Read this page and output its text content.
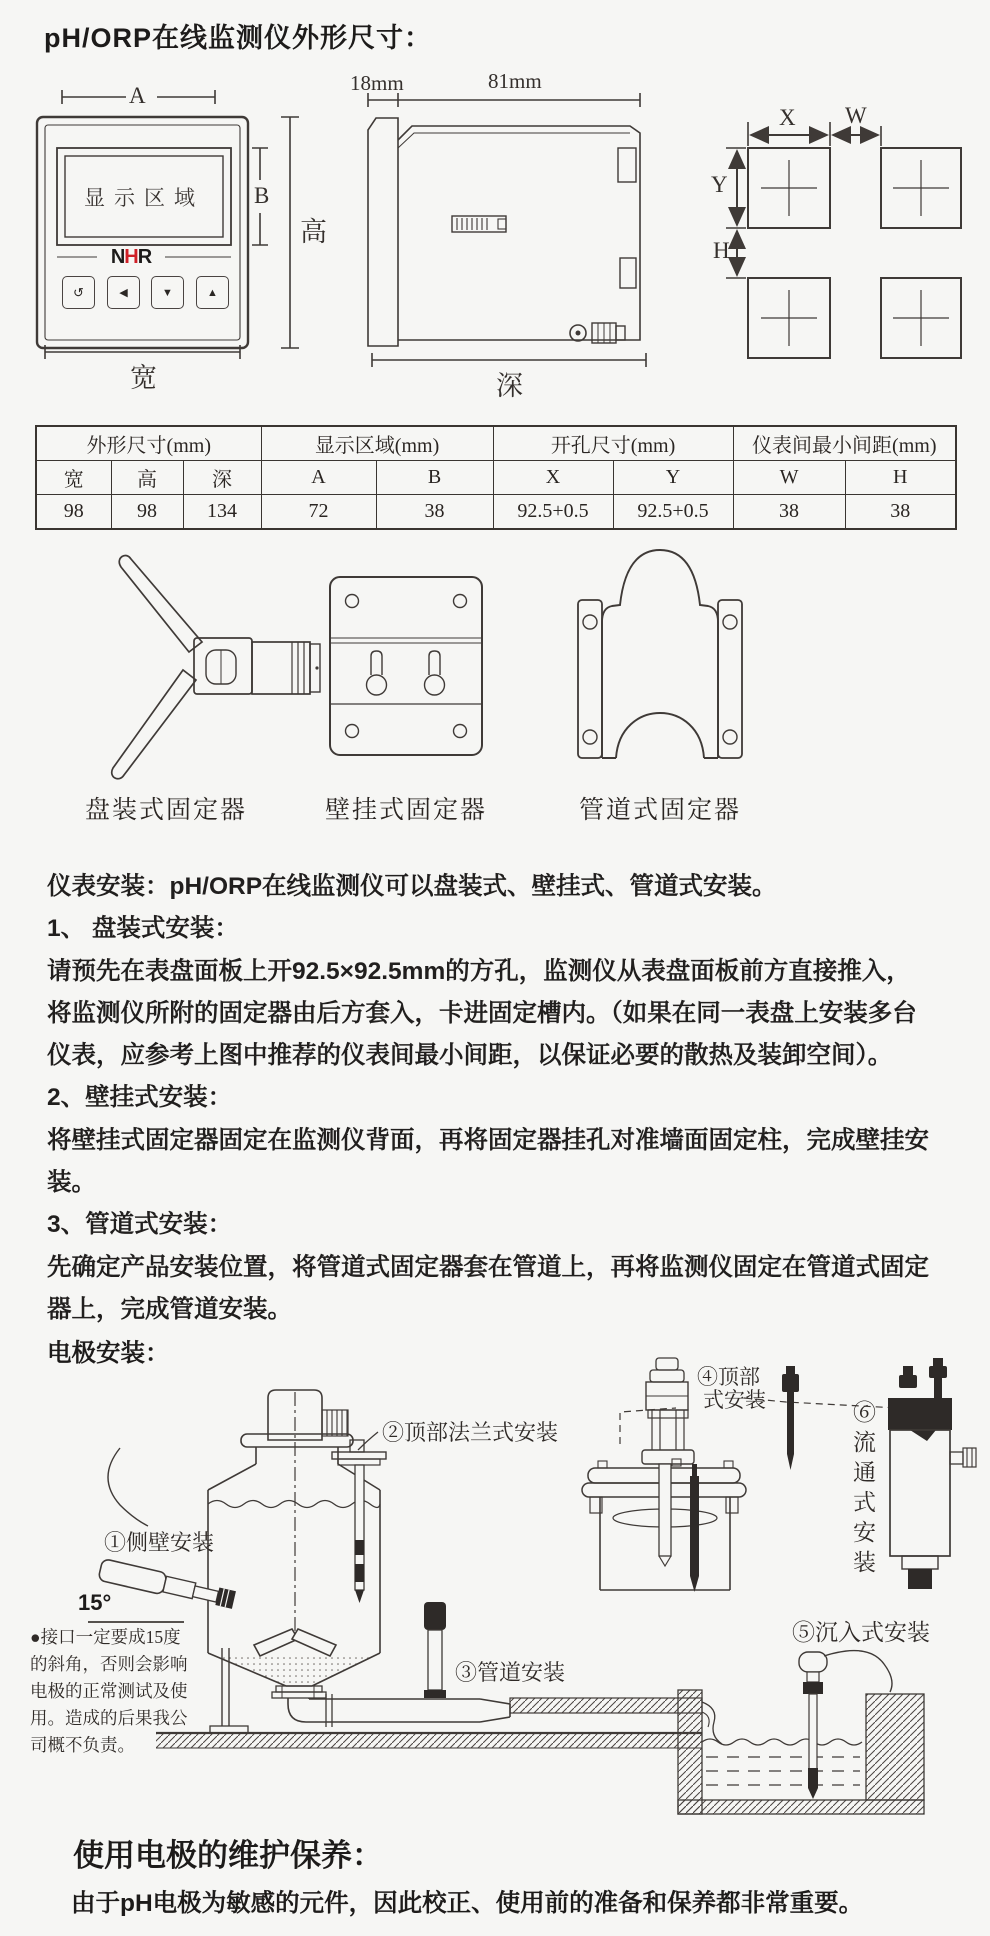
pH/ORP在线监测仪外形尺寸：
A
显示区域
NHR
↺	◀	▼	▲
B
高
宽
18mm	81mm
深
X W
Y
H
外形尺寸(mm)			显示区域(mm)		开孔尺寸(mm)		仪表间最小间距(mm)	
宽	高	深	A	B	X	Y	W	H
98	98	134	72	38	92.5+0.5	92.5+0.5	38	38
盘装式固定器	壁挂式固定器	管道式固定器
仪表安装：pH/ORP在线监测仪可以盘装式、壁挂式、管道式安装。
1、 盘装式安装：
请预先在表盘面板上开92.5×92.5mm的方孔，监测仪从表盘面板前方直接推入，
将监测仪所附的固定器由后方套入，卡进固定槽内。（如果在同一表盘上安装多台
仪表，应参考上图中推荐的仪表间最小间距，以保证必要的散热及装卸空间）。
2、壁挂式安装：
将壁挂式固定器固定在监测仪背面，再将固定器挂孔对准墙面固定柱，完成壁挂安
装。
3、管道式安装：
先确定产品安装位置，将管道式固定器套在管道上，再将监测仪固定在管道式固定
器上，完成管道安装。
电极安装：
①侧壁安装
15°
②顶部法兰式安装
③管道安装
④顶部
式安装
⑤沉入式安装
⑥流通式安装
●接口一定要成15度
的斜角，否则会影响
电极的正常测试及使
用。造成的后果我公
司概不负责。
使用电极的维护保养：
由于pH电极为敏感的元件，因此校正、使用前的准备和保养都非常重要。
